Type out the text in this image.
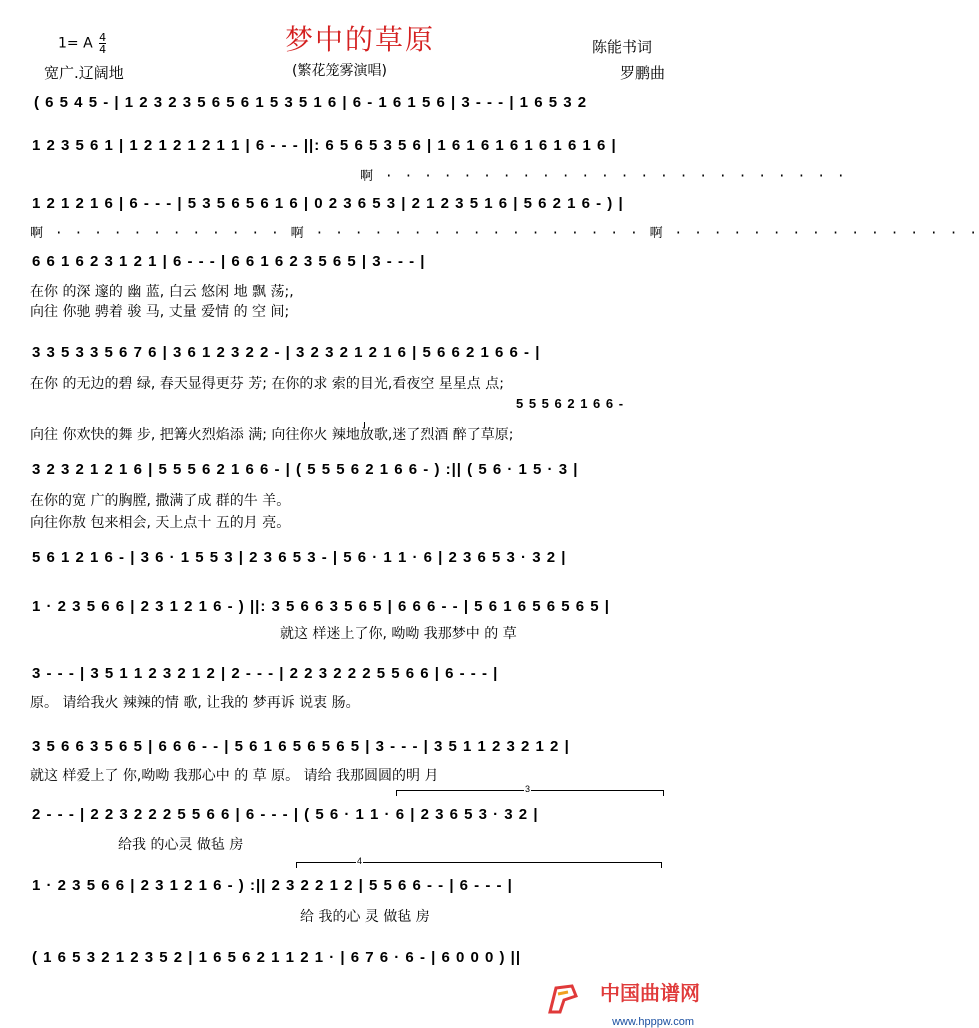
梦中的草原
1= A $\frac{4}{4}$
宽广.辽阔地	(繁花笼雾演唱)
陈能书词
罗鹏曲
( 6 5 4 5 - | 1 2 3 2 3 5 6 5 6 1 5 3 5 1 6 | 6 - 1 6 1 5 6 | 3 - - - | 1 6 5 3 2
1 2 3 5 6 1 | 1 2 1 2 1 2 1 1 | 6 - - - ||: 6 5 6 5 3 5 6 | 1 6 1 6 1 6 1 6 1 6 1 6 |
啊 · · · · · · · · · · · · · · · · · · · · · · · ·
1 2 1 2 1 6 | 6 - - - | 5 3 5 6 5 6 1 6 | 0 2 3 6 5 3 | 2 1 2 3 5 1 6 | 5 6 2 1 6 - ) |
啊 · · · · · · · · · · · · 啊 · · · · · · · · · · · · · · · · · 啊 · · · · · · · · · · · · · · · ·
6 6 1 6 2 3 1 2 1 | 6 - - - | 6 6 1 6 2 3 5 6 5 | 3 - - - |
在你 的深 邃的 幽 蓝, 白云 悠闲 地 飘 荡;,
向往 你驰 骋着 骏 马, 丈量 爱情 的 空 间;
3 3 5 3 3 5 6 7 6 | 3 6 1 2 3 2 2 - | 3 2 3 2 1 2 1 6 | 5 6 6 2 1 6 6 - |
在你 的无边的碧 绿, 春天显得更芬 芳; 在你的求 索的目光,看夜空 星星点 点;
5 5 5 6 2 1 6 6 -
向往 你欢快的舞 步, 把篝火烈焰添 满; 向往你火 辣地放歌,迷了烈酒 醉了草原;
3 2 3 2 1 2 1 6 | 5 5 5 6 2 1 6 6 - | ( 5 5 5 6 2 1 6 6 - ) :|| ( 5 6 · 1 5 · 3 |
在你的宽 广的胸膛, 撒满了成 群的牛 羊。
向往你敖 包来相会, 天上点十 五的月 亮。
5 6 1 2 1 6 - | 3 6 · 1 5 5 3 | 2 3 6 5 3 - | 5 6 · 1 1 · 6 | 2 3 6 5 3 · 3 2 |
1 · 2 3 5 6 6 | 2 3 1 2 1 6 - ) ||: 3 5 6 6 3 5 6 5 | 6 6 6 - - | 5 6 1 6 5 6 5 6 5 |
就这 样迷上了你, 呦呦 我那梦中 的 草
3 - - - | 3 5 1 1 2 3 2 1 2 | 2 - - - | 2 2 3 2 2 2 5 5 6 6 | 6 - - - |
原。 请给我火 辣辣的情 歌, 让我的 梦再诉 说衷 肠。
3 5 6 6 3 5 6 5 | 6 6 6 - - | 5 6 1 6 5 6 5 6 5 | 3 - - - | 3 5 1 1 2 3 2 1 2 |
就这 样爱上了 你,呦呦 我那心中 的 草 原。 请给 我那圆圆的明 月
3
2 - - - | 2 2 3 2 2 2 5 5 6 6 | 6 - - - | ( 5 6 · 1 1 · 6 | 2 3 6 5 3 · 3 2 |
给我 的心灵 做毡 房
4
1 · 2 3 5 6 6 | 2 3 1 2 1 6 - ) :|| 2 3 2 2 1 2 | 5 5 6 6 - - | 6 - - - |
给 我的心 灵 做毡 房
( 1 6 5 3 2 1 2 3 5 2 | 1 6 5 6 2 1 1 2 1 · | 6 7 6 · 6 - | 6 0 0 0 ) ||
中国曲谱网
www.hpppw.com
